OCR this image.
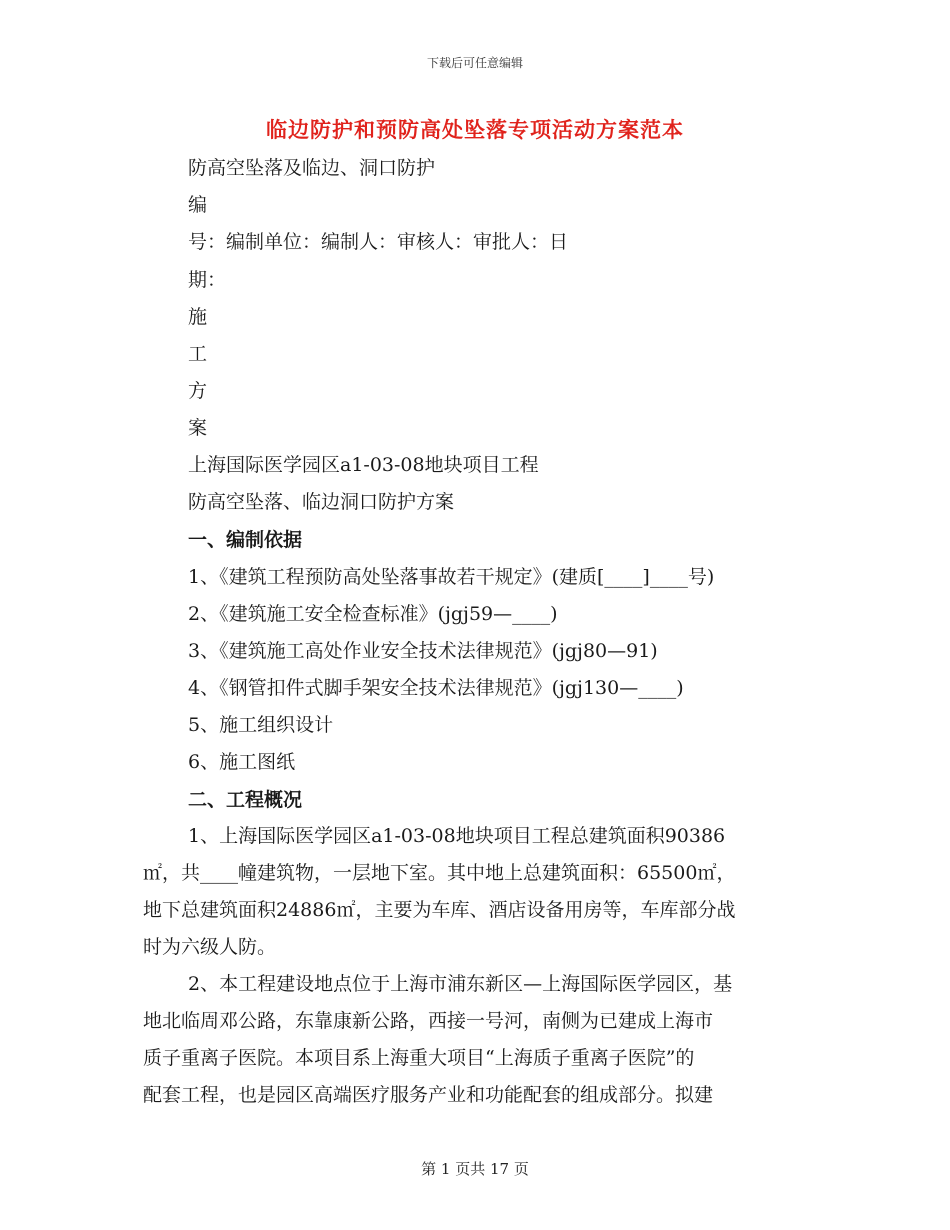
下载后可任意编辑
临边防护和预防高处坠落专项活动方案范本
防高空坠落及临边、洞口防护
编
号：编制单位：编制人：审核人：审批人：日
期：
施
工
方
案
上海国际医学园区a1-03-08地块项目工程
防高空坠落、临边洞口防护方案
一、编制依据
1、《建筑工程预防高处坠落事故若干规定》(建质[____]____号)
2、《建筑施工安全检查标准》(jgj59—____)
3、《建筑施工高处作业安全技术法律规范》(jgj80—91)
4、《钢管扣件式脚手架安全技术法律规范》(jgj130—____)
5、施工组织设计
6、施工图纸
二、工程概况
1、上海国际医学园区a1-03-08地块项目工程总建筑面积90386
㎡，共____幢建筑物，一层地下室。其中地上总建筑面积：65500㎡，
地下总建筑面积24886㎡，主要为车库、酒店设备用房等，车库部分战
时为六级人防。
2、本工程建设地点位于上海市浦东新区—上海国际医学园区，基
地北临周邓公路，东靠康新公路，西接一号河，南侧为已建成上海市
质子重离子医院。本项目系上海重大项目“上海质子重离子医院”的
配套工程，也是园区高端医疗服务产业和功能配套的组成部分。拟建
第 1 页共 17 页
